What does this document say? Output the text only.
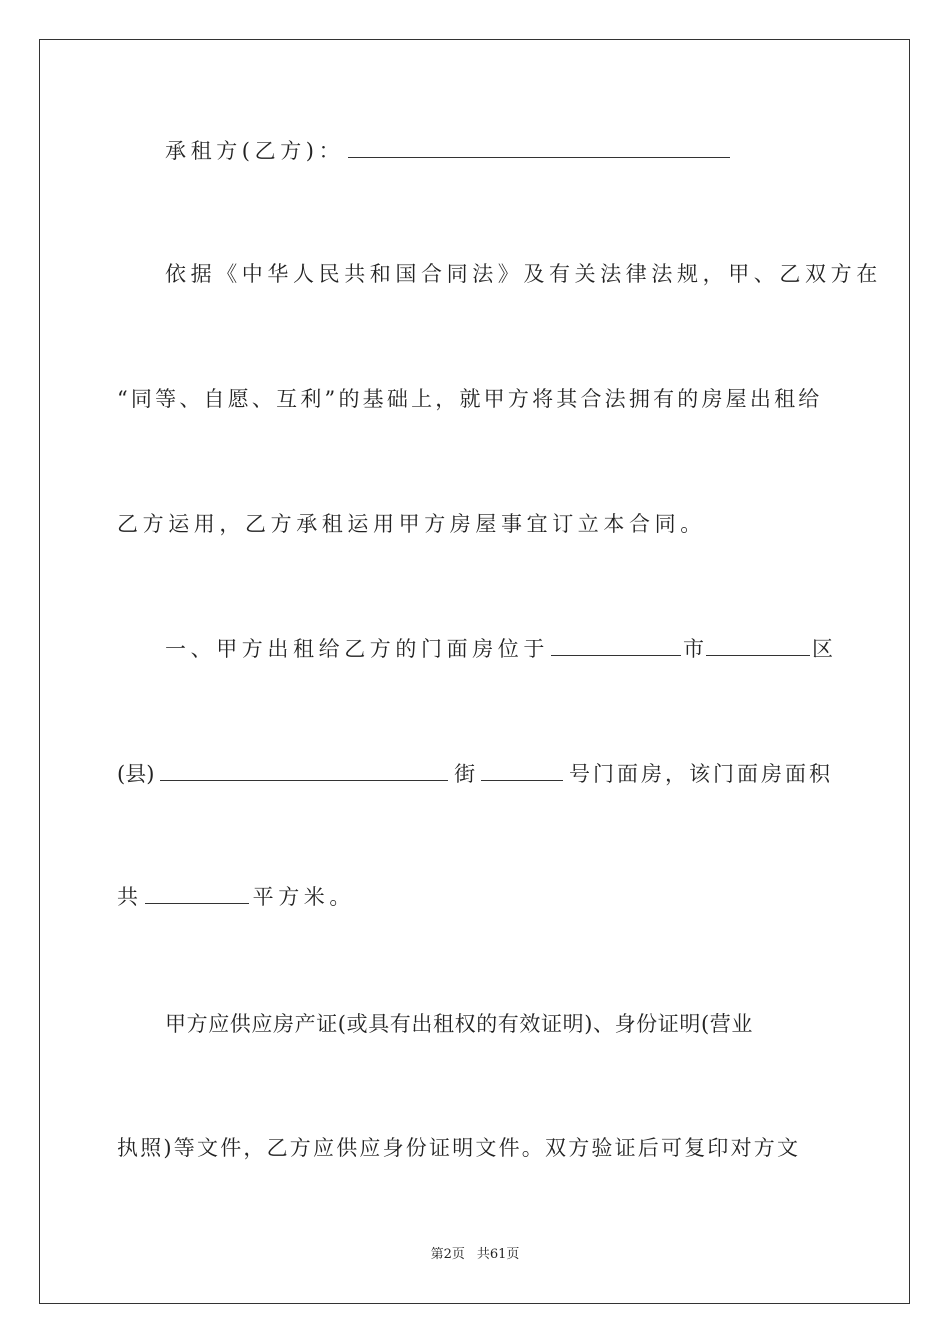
承租方(乙方)：
依据《中华人民共和国合同法》及有关法律法规，甲、乙双方在
“同等、自愿、互利”的基础上，就甲方将其合法拥有的房屋出租给
乙方运用，乙方承租运用甲方房屋事宜订立本合同。
一、甲方出租给乙方的门面房位于	市	区
(县)	街	号门面房，该门面房面积
共	平方米。
甲方应供应房产证(或具有出租权的有效证明)、身份证明(营业
执照)等文件，乙方应供应身份证明文件。双方验证后可复印对方文
第2页 共61页
